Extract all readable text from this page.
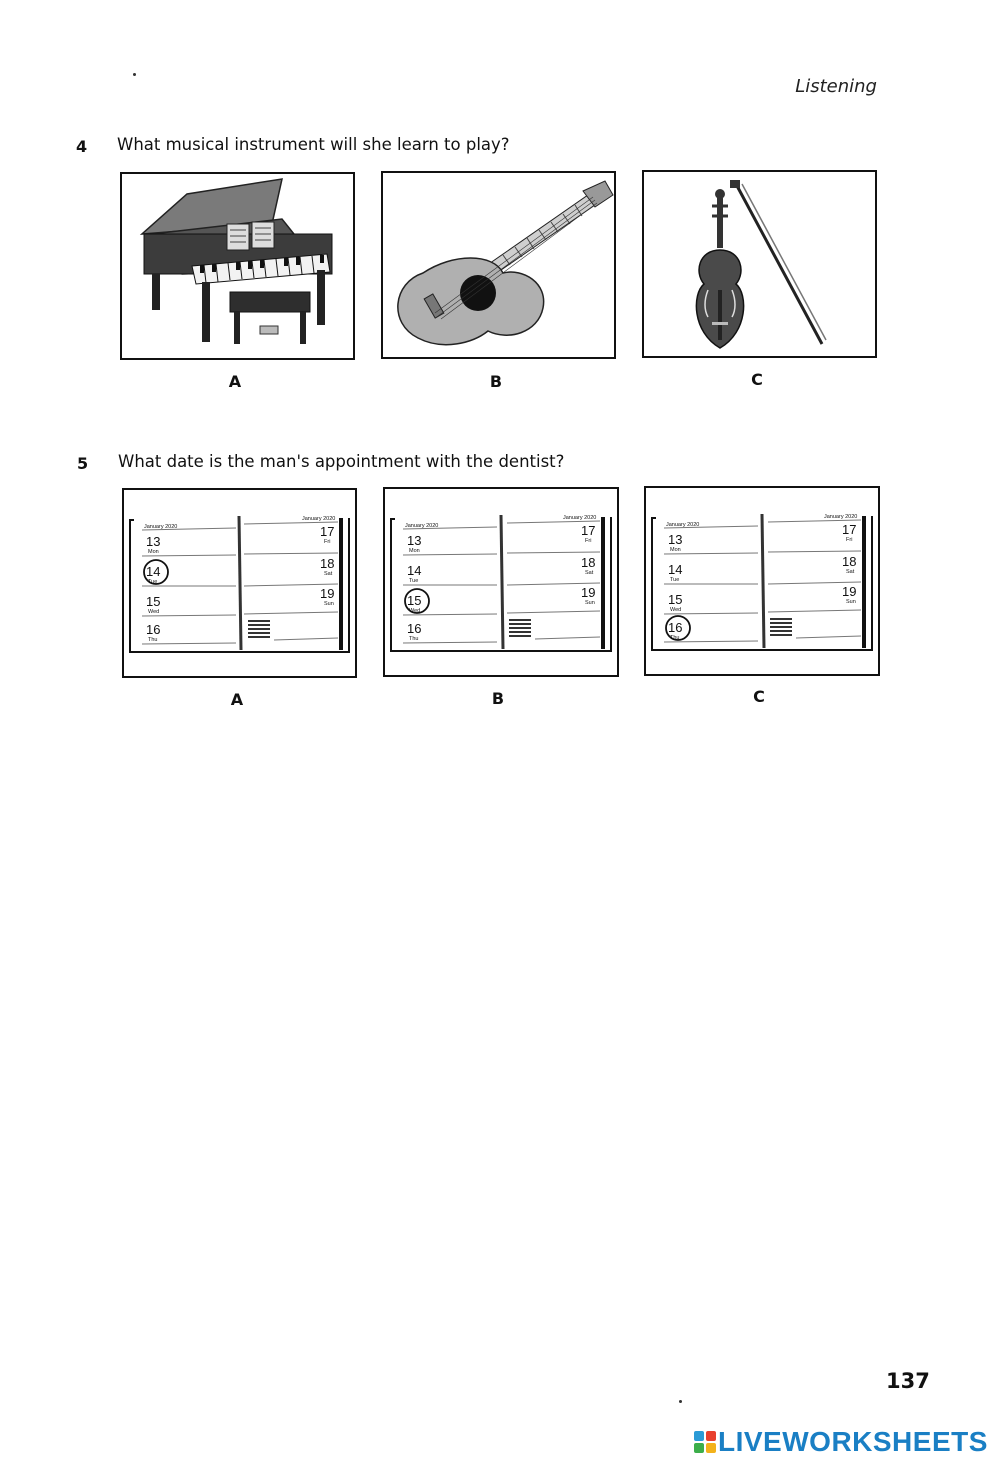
Listening
4 What musical instrument will she learn to play?
A	B	C
5 What date is the man's appointment with the dentist?
January 2020
January 2020
13
Mon
14
Tue
15
Wed
16
Thu
17
Fri
18
Sat
19
Sun
January 2020
January 2020
13
Mon
14
Tue
15
Wed
16
Thu
17
Fri
18
Sat
19
Sun
January 2020
January 2020
13
Mon
14
Tue
15
Wed
16
Thu
17
Fri
18
Sat
19
Sun
A	B	C
137
LIVEWORKSHEETS
